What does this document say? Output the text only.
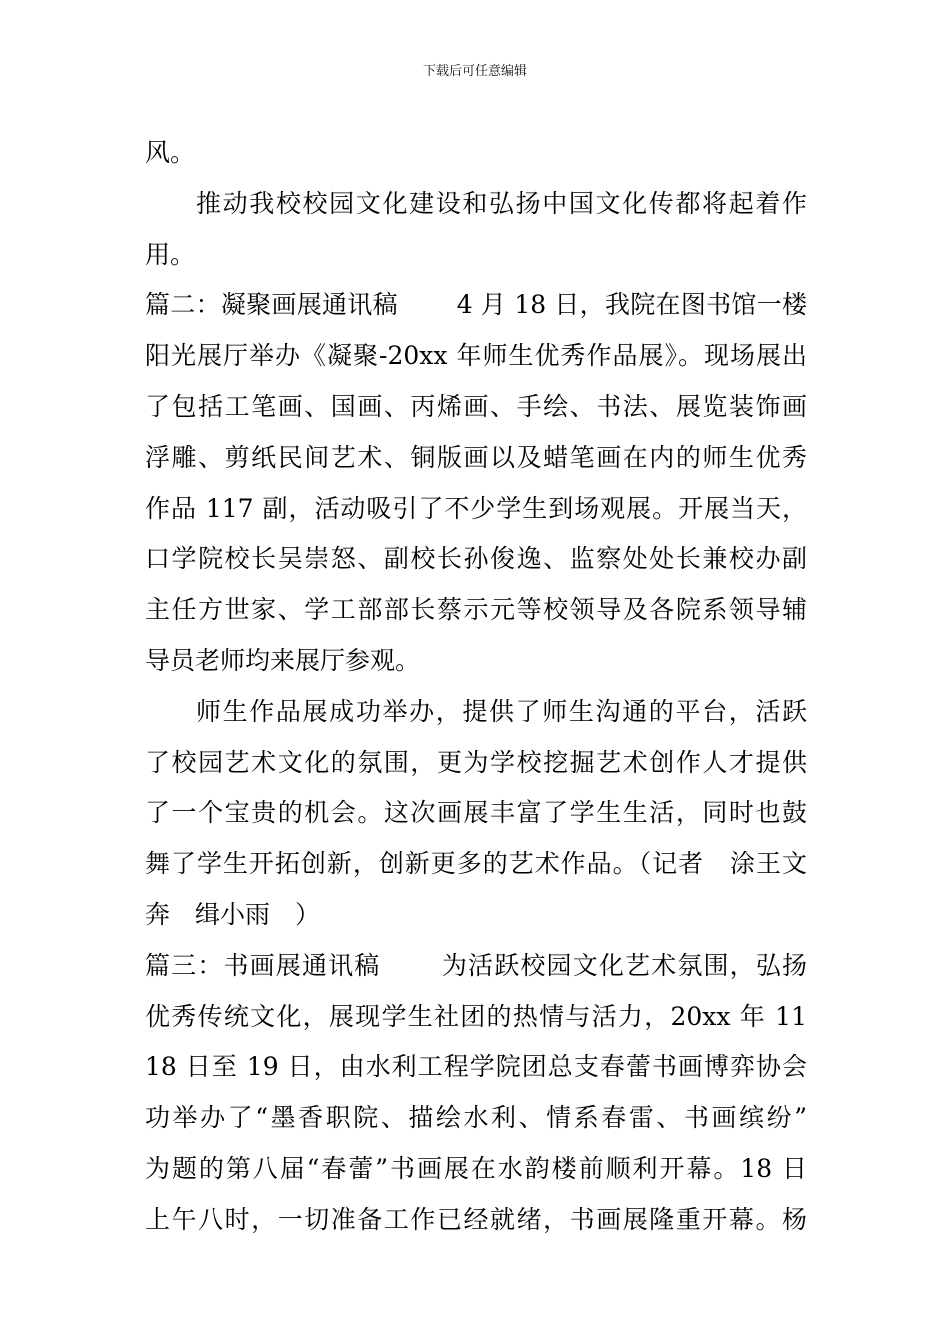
下载后可任意编辑
风。
推动我校校园文化建设和弘扬中国文化传都将起着作
用。
篇二：凝聚画展通讯稿　　 4 月 18 日，我院在图书馆一楼
阳光展厅举办《凝聚-20xx 年师生优秀作品展》。现场展出
了包括工笔画、国画、丙烯画、手绘、书法、展览装饰画
浮雕、剪纸民间艺术、铜版画以及蜡笔画在内的师生优秀
作品 117 副，活动吸引了不少学生到场观展。开展当天，
口学院校长吴崇怒、副校长孙俊逸、监察处处长兼校办副
主任方世家、学工部部长蔡示元等校领导及各院系领导辅
导员老师均来展厅参观。
师生作品展成功举办，提供了师生沟通的平台，活跃
了校园艺术文化的氛围，更为学校挖掘艺术创作人才提供
了一个宝贵的机会。这次画展丰富了学生生活，同时也鼓
舞了学生开拓创新，创新更多的艺术作品。（记者　涂王文
奔　缉小雨　）
篇三：书画展通讯稿　　 为活跃校园文化艺术氛围，弘扬
优秀传统文化，展现学生社团的热情与活力，20xx 年 11
18 日至 19 日，由水利工程学院团总支春蕾书画博弈协会
功举办了“墨香职院、描绘水利、情系春雷、书画缤纷”
为题的第八届“春蕾”书画展在水韵楼前顺利开幕。18 日
上午八时，一切准备工作已经就绪，书画展隆重开幕。杨
